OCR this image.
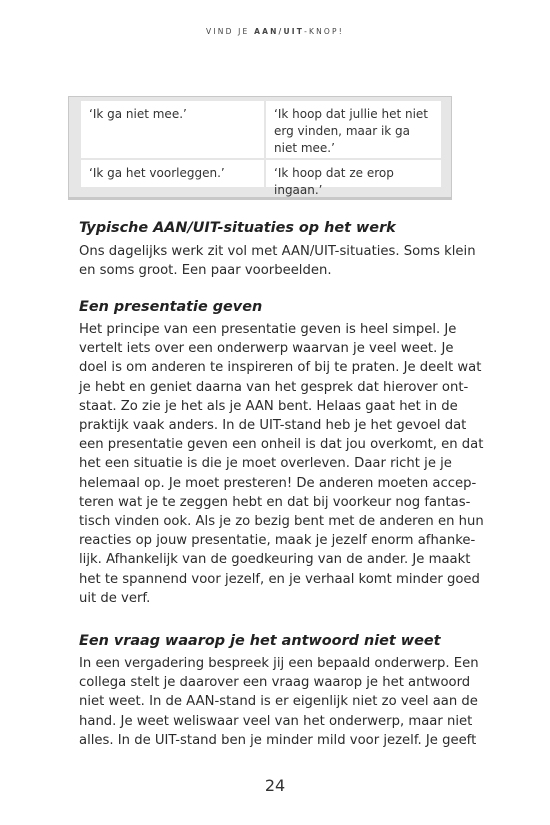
VIND JE AAN/UIT-KNOP!
‘Ik ga niet mee.’	‘Ik hoop dat jullie het niet erg vinden, maar ik ga niet mee.’
‘Ik ga het voorleggen.’	‘Ik hoop dat ze erop ingaan.’
Typische AAN/UIT-situaties op het werk
Ons dagelijks werk zit vol met AAN/UIT-situaties. Soms klein
en soms groot. Een paar voorbeelden.
Een presentatie geven
Het principe van een presentatie geven is heel simpel. Je
vertelt iets over een onderwerp waarvan je veel weet. Je
doel is om anderen te inspireren of bij te praten. Je deelt wat
je hebt en geniet daarna van het gesprek dat hierover ont-
staat. Zo zie je het als je AAN bent. Helaas gaat het in de
praktijk vaak anders. In de UIT-stand heb je het gevoel dat
een presentatie geven een onheil is dat jou overkomt, en dat
het een situatie is die je moet overleven. Daar richt je je
helemaal op. Je moet presteren! De anderen moeten accep-
teren wat je te zeggen hebt en dat bij voorkeur nog fantas-
tisch vinden ook. Als je zo bezig bent met de anderen en hun
reacties op jouw presentatie, maak je jezelf enorm afhanke-
lijk. Afhankelijk van de goedkeuring van de ander. Je maakt
het te spannend voor jezelf, en je verhaal komt minder goed
uit de verf.
Een vraag waarop je het antwoord niet weet
In een vergadering bespreek jij een bepaald onderwerp. Een
collega stelt je daarover een vraag waarop je het antwoord
niet weet. In de AAN-stand is er eigenlijk niet zo veel aan de
hand. Je weet weliswaar veel van het onderwerp, maar niet
alles. In de UIT-stand ben je minder mild voor jezelf. Je geeft
24
